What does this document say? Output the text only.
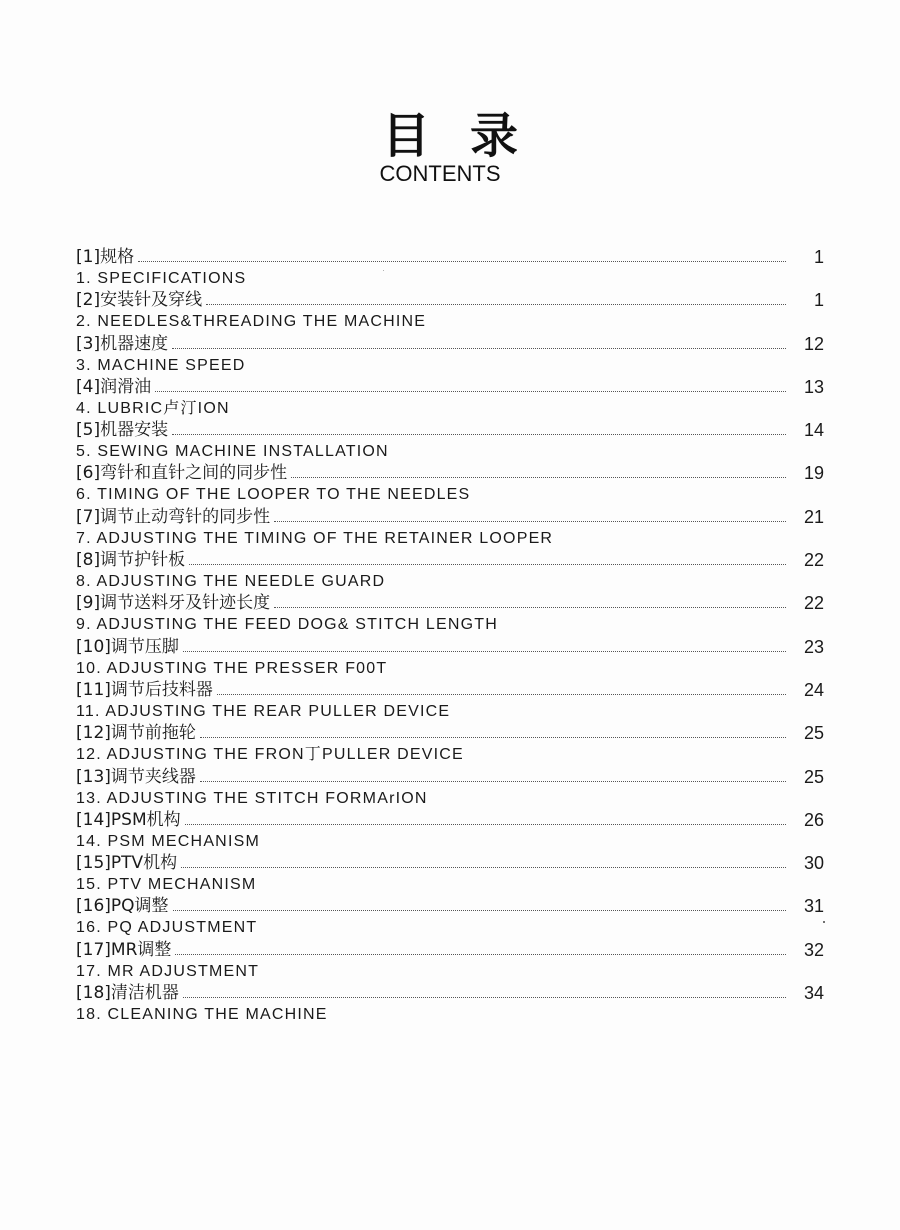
目录
CONTENTS
[1]规格	1
1. SPECIFICATIONS
[2]安装针及穿线	1
2. NEEDLES&THREADING THE MACHINE
[3]机器速度	12
3. MACHINE SPEED
[4]润滑油	13
4. LUBRIC卢汀ION
[5]机器安装	14
5. SEWING MACHINE INSTALLATION
[6]弯针和直针之间的同步性	19
6. TIMING OF THE LOOPER TO THE NEEDLES
[7]调节止动弯针的同步性	21
7. ADJUSTING THE TIMING OF THE RETAINER LOOPER
[8]调节护针板	22
8. ADJUSTING THE NEEDLE GUARD
[9]调节送料牙及针迹长度	22
9. ADJUSTING THE FEED DOG& STITCH LENGTH
[10]调节压脚	23
10. ADJUSTING THE PRESSER F00T
[11]调节后技料器	24
11. ADJUSTING THE REAR PULLER DEVICE
[12]调节前拖轮	25
12. ADJUSTING THE FRON丁PULLER DEVICE
[13]调节夹线器	25
13. ADJUSTING THE STITCH FORMArION
[14]PSM机构	26
14. PSM MECHANISM
[15]PTV机构	30
15. PTV MECHANISM
[16]PQ调整	31
16. PQ ADJUSTMENT
[17]MR调整	32
17. MR ADJUSTMENT
[18]清洁机器	34
18. CLEANING THE MACHINE
